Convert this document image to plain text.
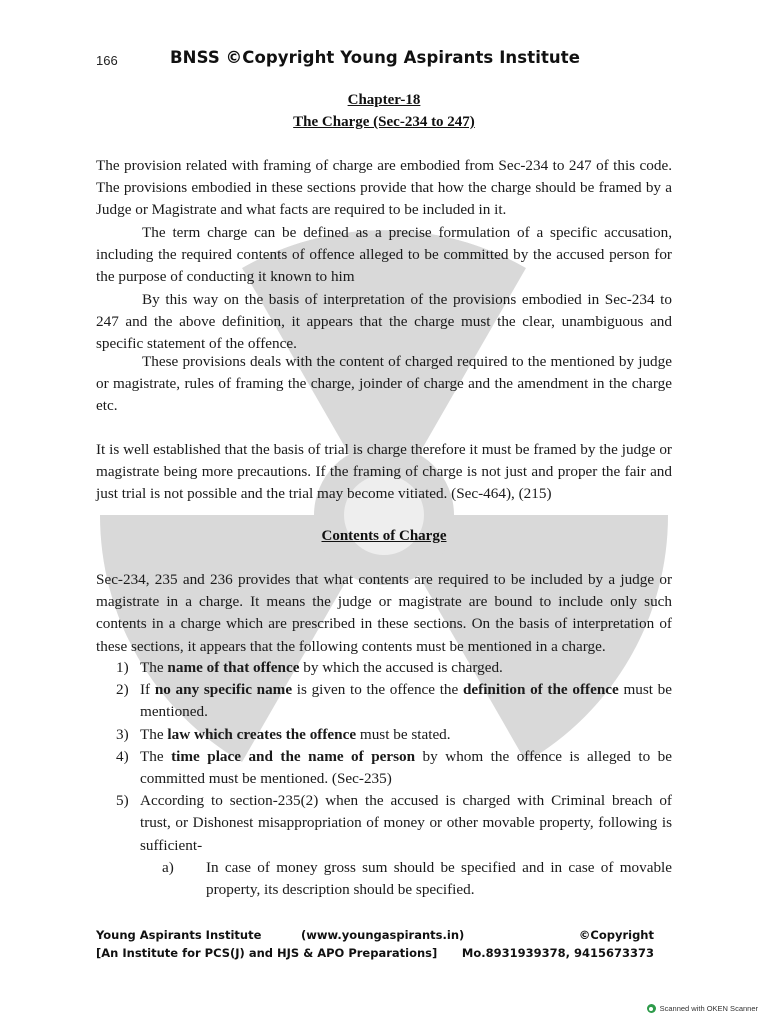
166	BNSS ©Copyright Young Aspirants Institute
Chapter-18
The Charge (Sec-234 to 247)

The provision related with framing of charge are embodied from Sec-234 to 247 of this code. The provisions embodied in these sections provide that how the charge should be framed by a Judge or Magistrate and what facts are required to be included in it.

The term charge can be defined as a precise formulation of a specific accusation, including the required contents of offence alleged to be committed by the accused person for the purpose of conducting it known to him

By this way on the basis of interpretation of the provisions embodied in Sec-234 to 247 and the above definition, it appears that the charge must the clear, unambiguous and specific statement of the offence.

These provisions deals with the content of charged required to the mentioned by judge or magistrate, rules of framing the charge, joinder of charge and the amendment in the charge etc.

It is well established that the basis of trial is charge therefore it must be framed by the judge or magistrate being more precautions. If the framing of charge is not just and proper the fair and just trial is not possible and the trial may become vitiated. (Sec-464), (215)

Contents of Charge

Sec-234, 235 and 236 provides that what contents are required to be included by a judge or magistrate in a charge. It means the judge or magistrate are bound to include only such contents in a charge which are prescribed in these sections. On the basis of interpretation of these sections, it appears that the following contents must be mentioned in a charge.

1) The name of that offence by which the accused is charged.
2) If no any specific name is given to the offence the definition of the offence must be mentioned.
3) The law which creates the offence must be stated.
4) The time place and the name of person by whom the offence is alleged to be committed must be mentioned. (Sec-235)
5) According to section-235(2) when the accused is charged with Criminal breach of trust, or Dishonest misappropriation of money or other movable property, following is sufficient-
a) In case of money gross sum should be specified and in case of movable property, its description should be specified.
Young Aspirants Institute	(www.youngaspirants.in)	©Copyright
[An Institute for PCS(J) and HJS & APO Preparations] Mo.8931939378, 9415673373
Scanned with OKEN Scanner
